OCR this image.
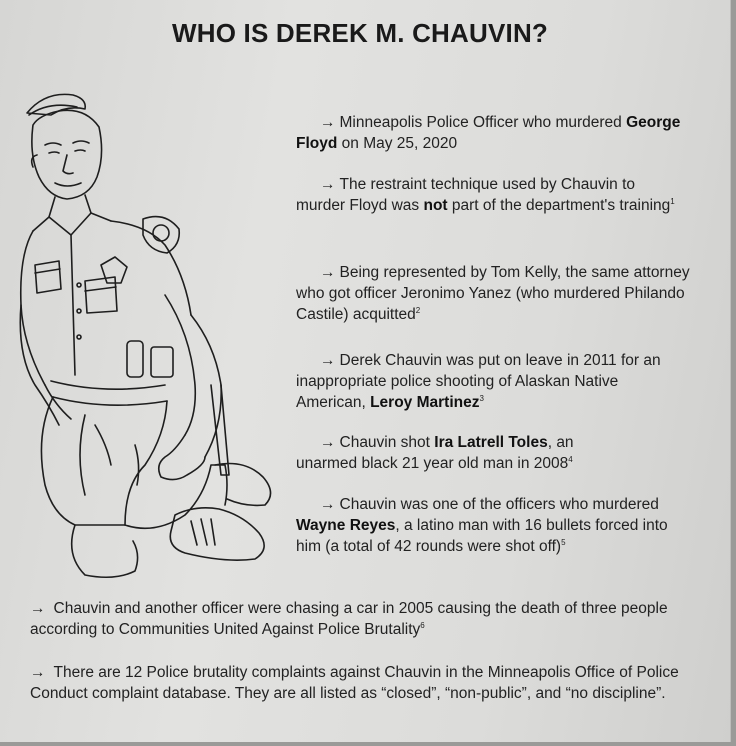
WHO IS DEREK M. CHAUVIN?
→ Minneapolis Police Officer who murdered George Floyd on May 25, 2020
→ The restraint technique used by Chauvin to murder Floyd was not part of the department's training$^1$
→ Being represented by Tom Kelly, the same attorney who got officer Jeronimo Yanez (who murdered Philando Castile) acquitted$^2$
→ Derek Chauvin was put on leave in 2011 for an inappropriate police shooting of Alaskan Native American, Leroy Martinez$^3$
→ Chauvin shot Ira Latrell Toles, an unarmed black 21 year old man in $2008^4$
→ Chauvin was one of the officers who murdered Wayne Reyes, a latino man with 16 bullets forced into him (a total of 42 rounds were shot off)$^5$
→ Chauvin and another officer were chasing a car in 2005 causing the death of three people according to Communities United Against Police Brutality$^6$
→ There are 12 Police brutality complaints against Chauvin in the Minneapolis Office of Police Conduct complaint database. They are all listed as “closed”, “non-public”, and “no discipline”.
